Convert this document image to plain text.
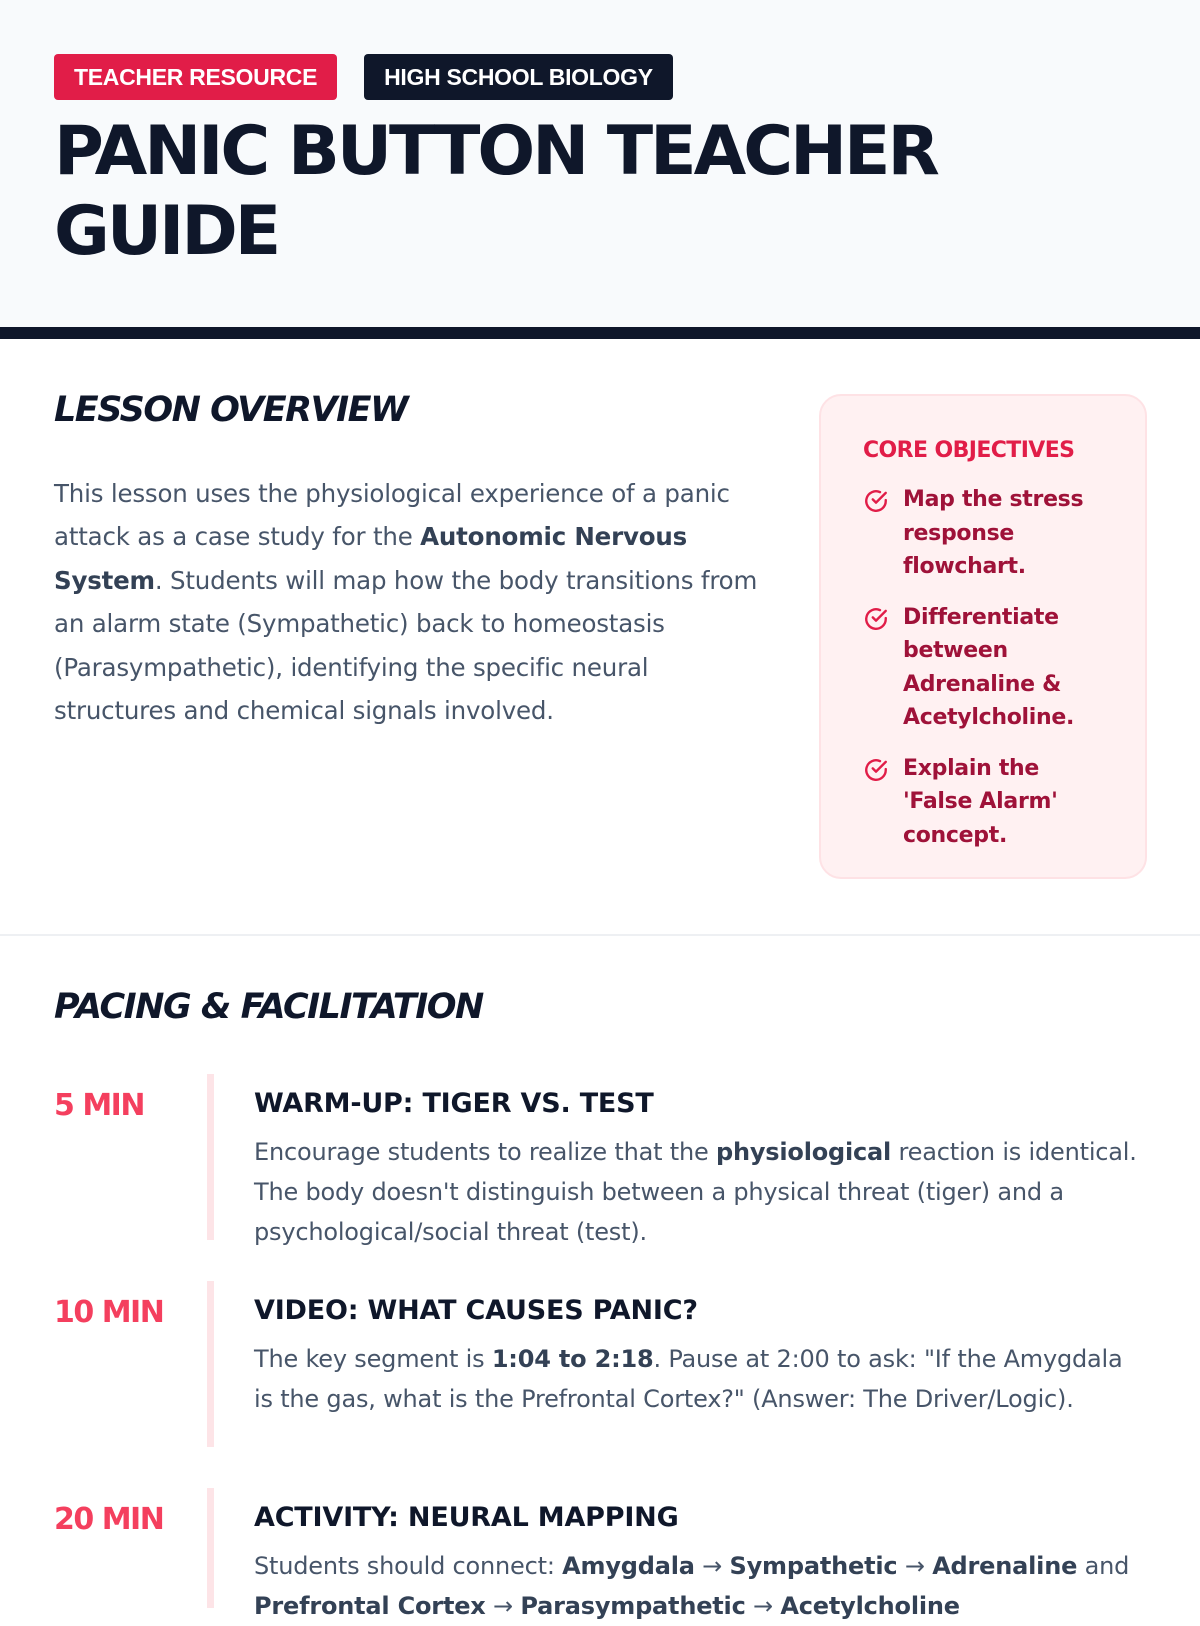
TEACHER RESOURCE	HIGH SCHOOL BIOLOGY
PANIC BUTTON TEACHER GUIDE
LESSON OVERVIEW

This lesson uses the physiological experience of a panic attack as a case study for the Autonomic Nervous System. Students will map how the body transitions from an alarm state (Sympathetic) back to homeostasis (Parasympathetic), identifying the specific neural structures and chemical signals involved.

CORE OBJECTIVES
Map the stress response flowchart.
Differentiate between Adrenaline & Acetylcholine.
Explain the 'False Alarm' concept.
PACING & FACILITATION
5 MIN	WARM-UP: TIGER VS. TEST

Encourage students to realize that the physiological reaction is identical. The body doesn't distinguish between a physical threat (tiger) and a psychological/social threat (test).

10 MIN	VIDEO: WHAT CAUSES PANIC?

The key segment is 1:04 to 2:18. Pause at 2:00 to ask: "If the Amygdala is the gas, what is the Prefrontal Cortex?" (Answer: The Driver/Logic).

20 MIN	ACTIVITY: NEURAL MAPPING

Students should connect: Amygdala → Sympathetic → Adrenaline and Prefrontal Cortex → Parasympathetic → Acetylcholine
